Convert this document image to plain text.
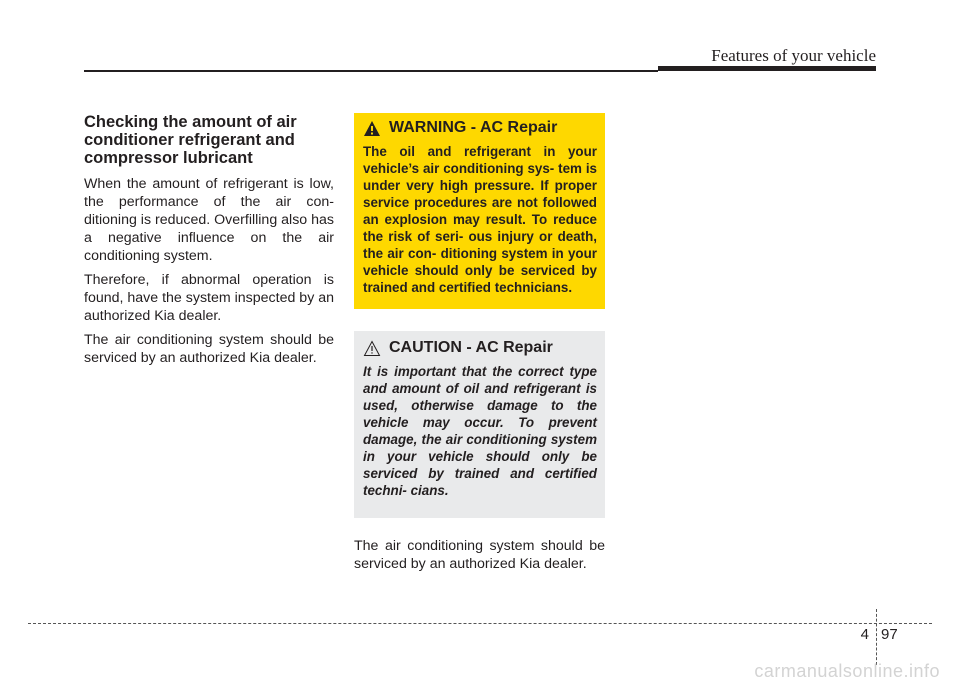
Features of your vehicle
Checking the amount of air conditioner refrigerant and compressor lubricant

When the amount of refrigerant is low, the performance of the air con- ditioning is reduced. Overfilling also has a negative influence on the air conditioning system.

Therefore, if abnormal operation is found, have the system inspected by an authorized Kia dealer.

The air conditioning system should be serviced by an authorized Kia dealer.

WARNING - AC Repair

The oil and refrigerant in your vehicle’s air conditioning sys- tem is under very high pressure. If proper service procedures are not followed an explosion may result. To reduce the risk of seri- ous injury or death, the air con- ditioning system in your vehicle should only be serviced by trained and certified technicians.

CAUTION - AC Repair

It is important that the correct type and amount of oil and refrigerant is used, otherwise damage to the vehicle may occur. To prevent damage, the air conditioning system in your vehicle should only be serviced by trained and certified techni- cians.

The air conditioning system should be serviced by an authorized Kia dealer.

4 97
carmanualsonline.info
